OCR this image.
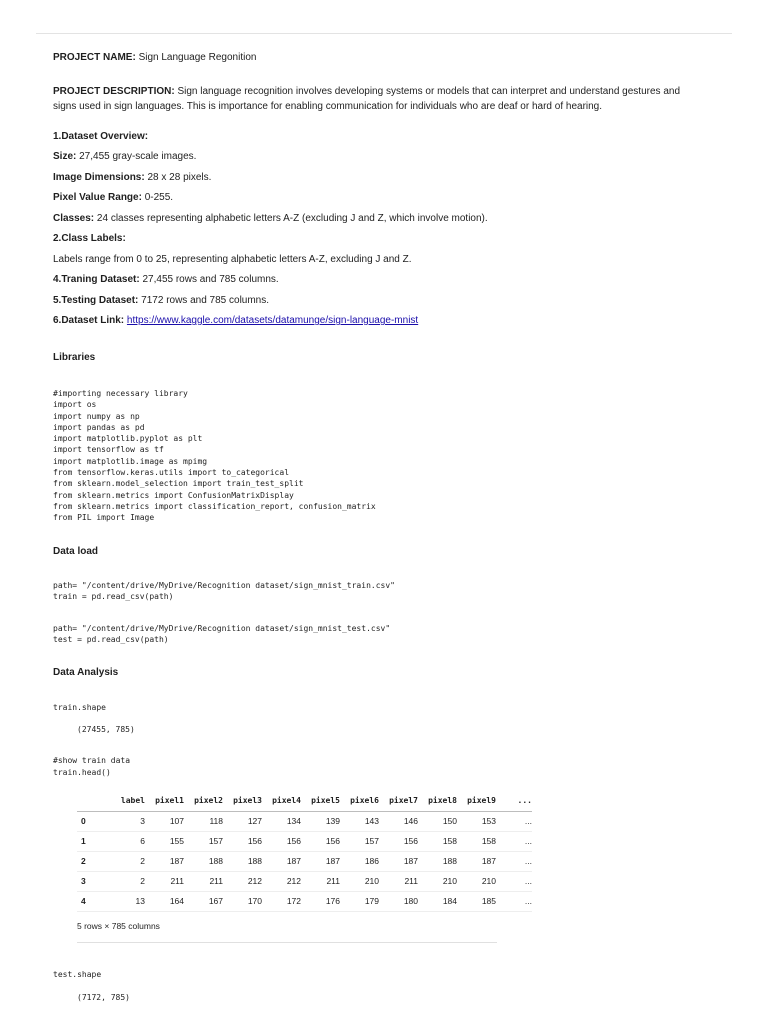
PROJECT NAME: Sign Language Regonition

PROJECT DESCRIPTION: Sign language recognition involves developing systems or models that can interpret and understand gestures and signs used in sign languages. This is importance for enabling communication for individuals who are deaf or hard of hearing.

1.Dataset Overview:

Size: 27,455 gray-scale images.

Image Dimensions: 28 x 28 pixels.

Pixel Value Range: 0-255.

Classes: 24 classes representing alphabetic letters A-Z (excluding J and Z, which involve motion).

2.Class Labels:

Labels range from 0 to 25, representing alphabetic letters A-Z, excluding J and Z.

4.Traning Dataset: 27,455 rows and 785 columns.

5.Testing Dataset: 7172 rows and 785 columns.

6.Dataset Link: https://www.kaggle.com/datasets/datamunge/sign-language-mnist

Libraries

#importing necessary library
import os
import numpy as np
import pandas as pd
import matplotlib.pyplot as plt
import tensorflow as tf
import matplotlib.image as mpimg
from tensorflow.keras.utils import to_categorical
from sklearn.model_selection import train_test_split
from sklearn.metrics import ConfusionMatrixDisplay
from sklearn.metrics import classification_report, confusion_matrix
from PIL import Image

Data load

path= "/content/drive/MyDrive/Recognition dataset/sign_mnist_train.csv"
train = pd.read_csv(path)
path= "/content/drive/MyDrive/Recognition dataset/sign_mnist_test.csv"
test = pd.read_csv(path)

Data Analysis

train.shape
(27455, 785)
#show train data
train.head()
	label	pixel1	pixel2	pixel3	pixel4	pixel5	pixel6	pixel7	pixel8	pixel9	...
0	3	107	118	127	134	139	143	146	150	153	...
1	6	155	157	156	156	156	157	156	158	158	...
2	2	187	188	188	187	187	186	187	188	187	...
3	2	211	211	212	212	211	210	211	210	210	...
4	13	164	167	170	172	176	179	180	184	185	...

5 rows × 785 columns

test.shape
(7172, 785)
